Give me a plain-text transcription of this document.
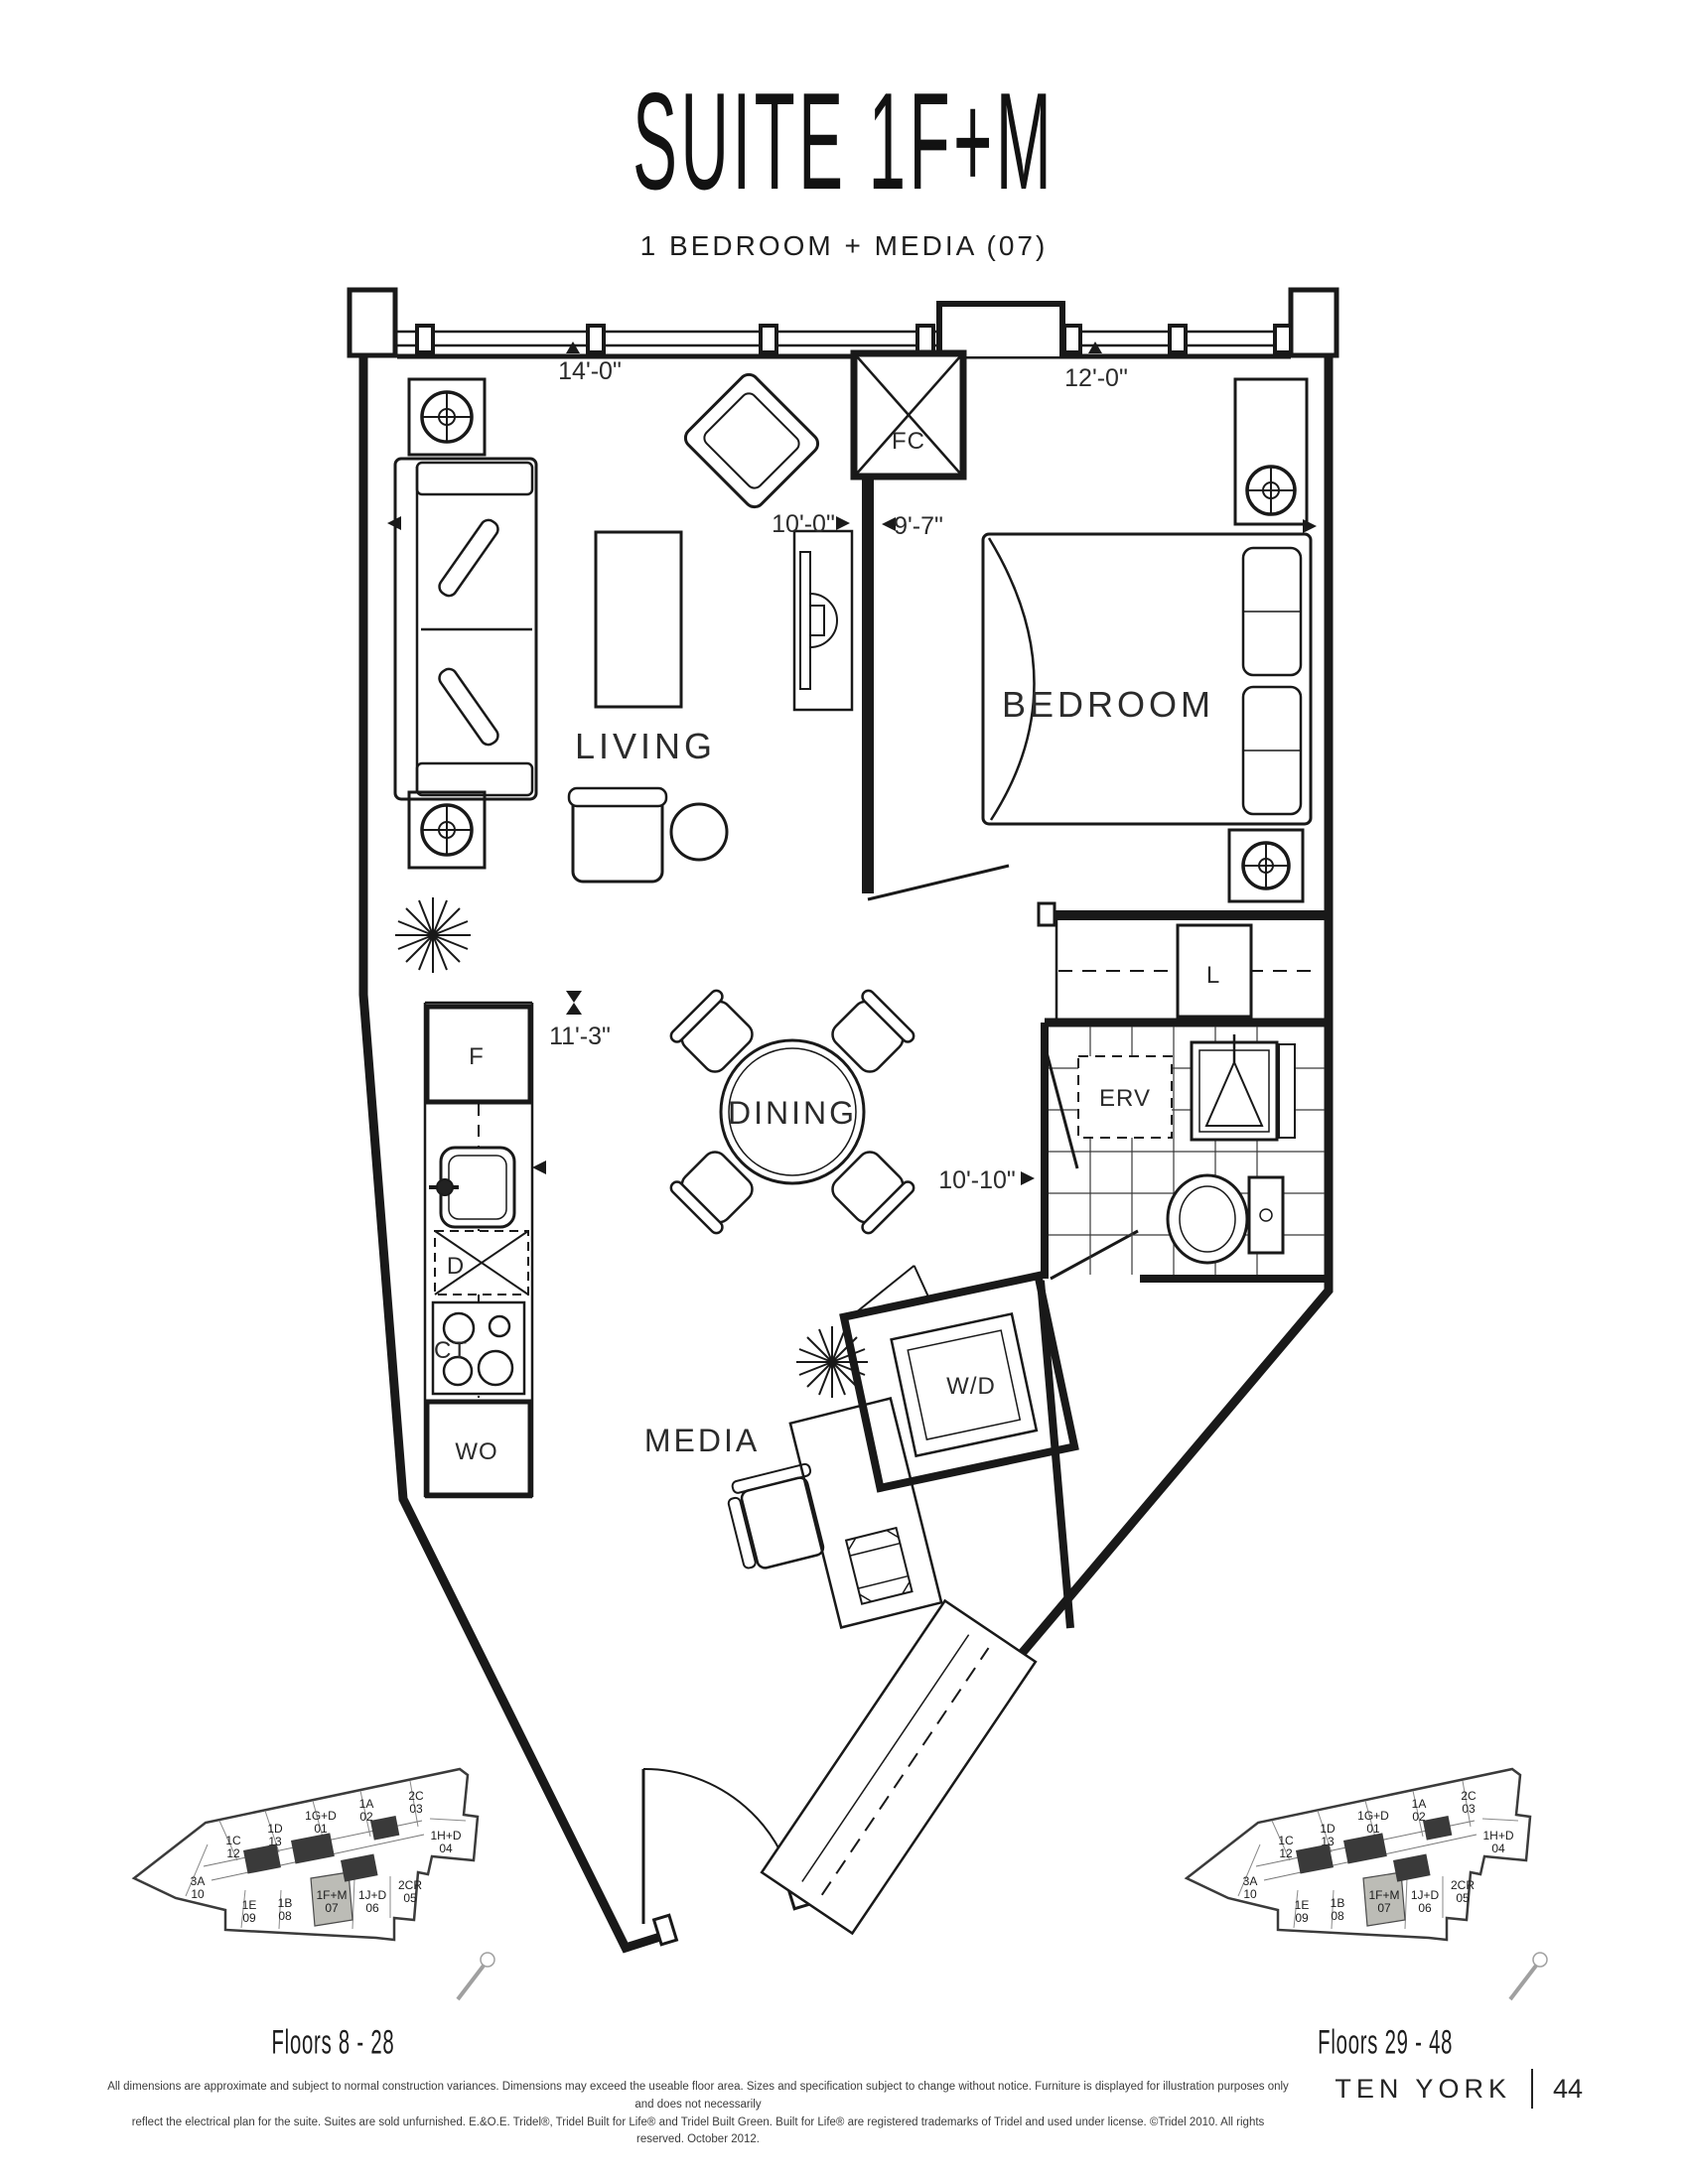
SUITE 1F+M

1 BEDROOM + MEDIA (07)
LIVING
BEDROOM
DINING
MEDIA
FC
F
D
CT
WO
L
ERV
W/D
14'-0"	12'-0"
10'-0" 9'-7"
11'-3"
10'-10"
1C
12
1D
13
1G+D
01
1A
02
2C
03
1H+D
04
3A
10
1E
09
1B
08
1F+M
07
1J+D
06
2CR
05
Floors 8 - 28
1C
12
1D
13
1G+D
01
1A
02
2C
03
1H+D
04
3A
10
1E
09
1B
08
1F+M
07
1J+D
06
2CR
05
Floors 29 - 48
All dimensions are approximate and subject to normal construction variances. Dimensions may exceed the useable floor area. Sizes and specification subject to change without notice. Furniture is displayed for illustration purposes only and does not necessarily
reflect the electrical plan for the suite. Suites are sold unfurnished. E.&O.E. Tridel®, Tridel Built for Life® and Tridel Built Green. Built for Life® are registered trademarks of Tridel and used under license. ©Tridel 2010. All rights reserved. October 2012.
TEN YORK 44
